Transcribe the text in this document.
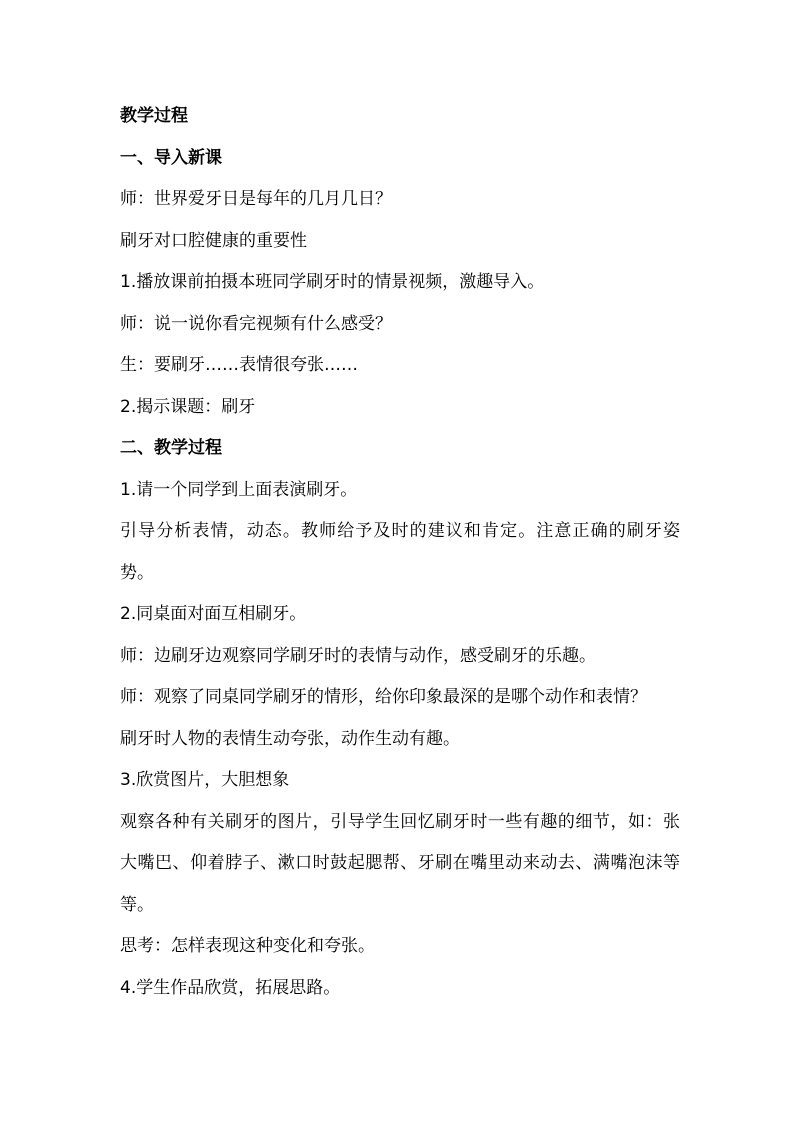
教学过程

一、导入新课

师：世界爱牙日是每年的几月几日？

刷牙对口腔健康的重要性

1.播放课前拍摄本班同学刷牙时的情景视频，激趣导入。

师：说一说你看完视频有什么感受？

生：要刷牙……表情很夸张……

2.揭示课题：刷牙

二、教学过程

1.请一个同学到上面表演刷牙。

引导分析表情，动态。教师给予及时的建议和肯定。注意正确的刷牙姿势。

2.同桌面对面互相刷牙。

师：边刷牙边观察同学刷牙时的表情与动作，感受刷牙的乐趣。

师：观察了同桌同学刷牙的情形，给你印象最深的是哪个动作和表情？

刷牙时人物的表情生动夸张，动作生动有趣。

3.欣赏图片，大胆想象

观察各种有关刷牙的图片，引导学生回忆刷牙时一些有趣的细节，如：张大嘴巴、仰着脖子、漱口时鼓起腮帮、牙刷在嘴里动来动去、满嘴泡沫等等。

思考：怎样表现这种变化和夸张。

4.学生作品欣赏，拓展思路。
